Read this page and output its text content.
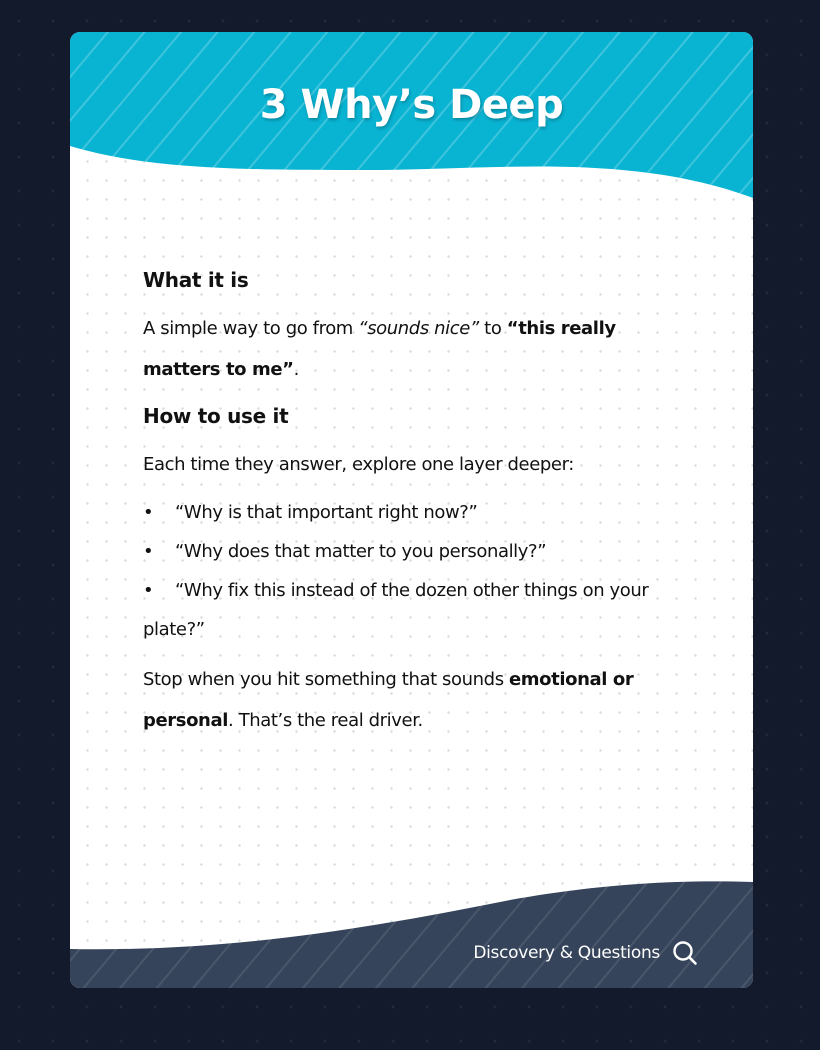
3 Why’s Deep
What it is

A simple way to go from “sounds nice” to “this really matters to me”.

How to use it

Each time they answer, explore one layer deeper:

• “Why is that important right now?”
• “Why does that matter to you personally?”
• “Why fix this instead of the dozen other things on your plate?”

Stop when you hit something that sounds emotional or personal. That’s the real driver.

Discovery & Questions
